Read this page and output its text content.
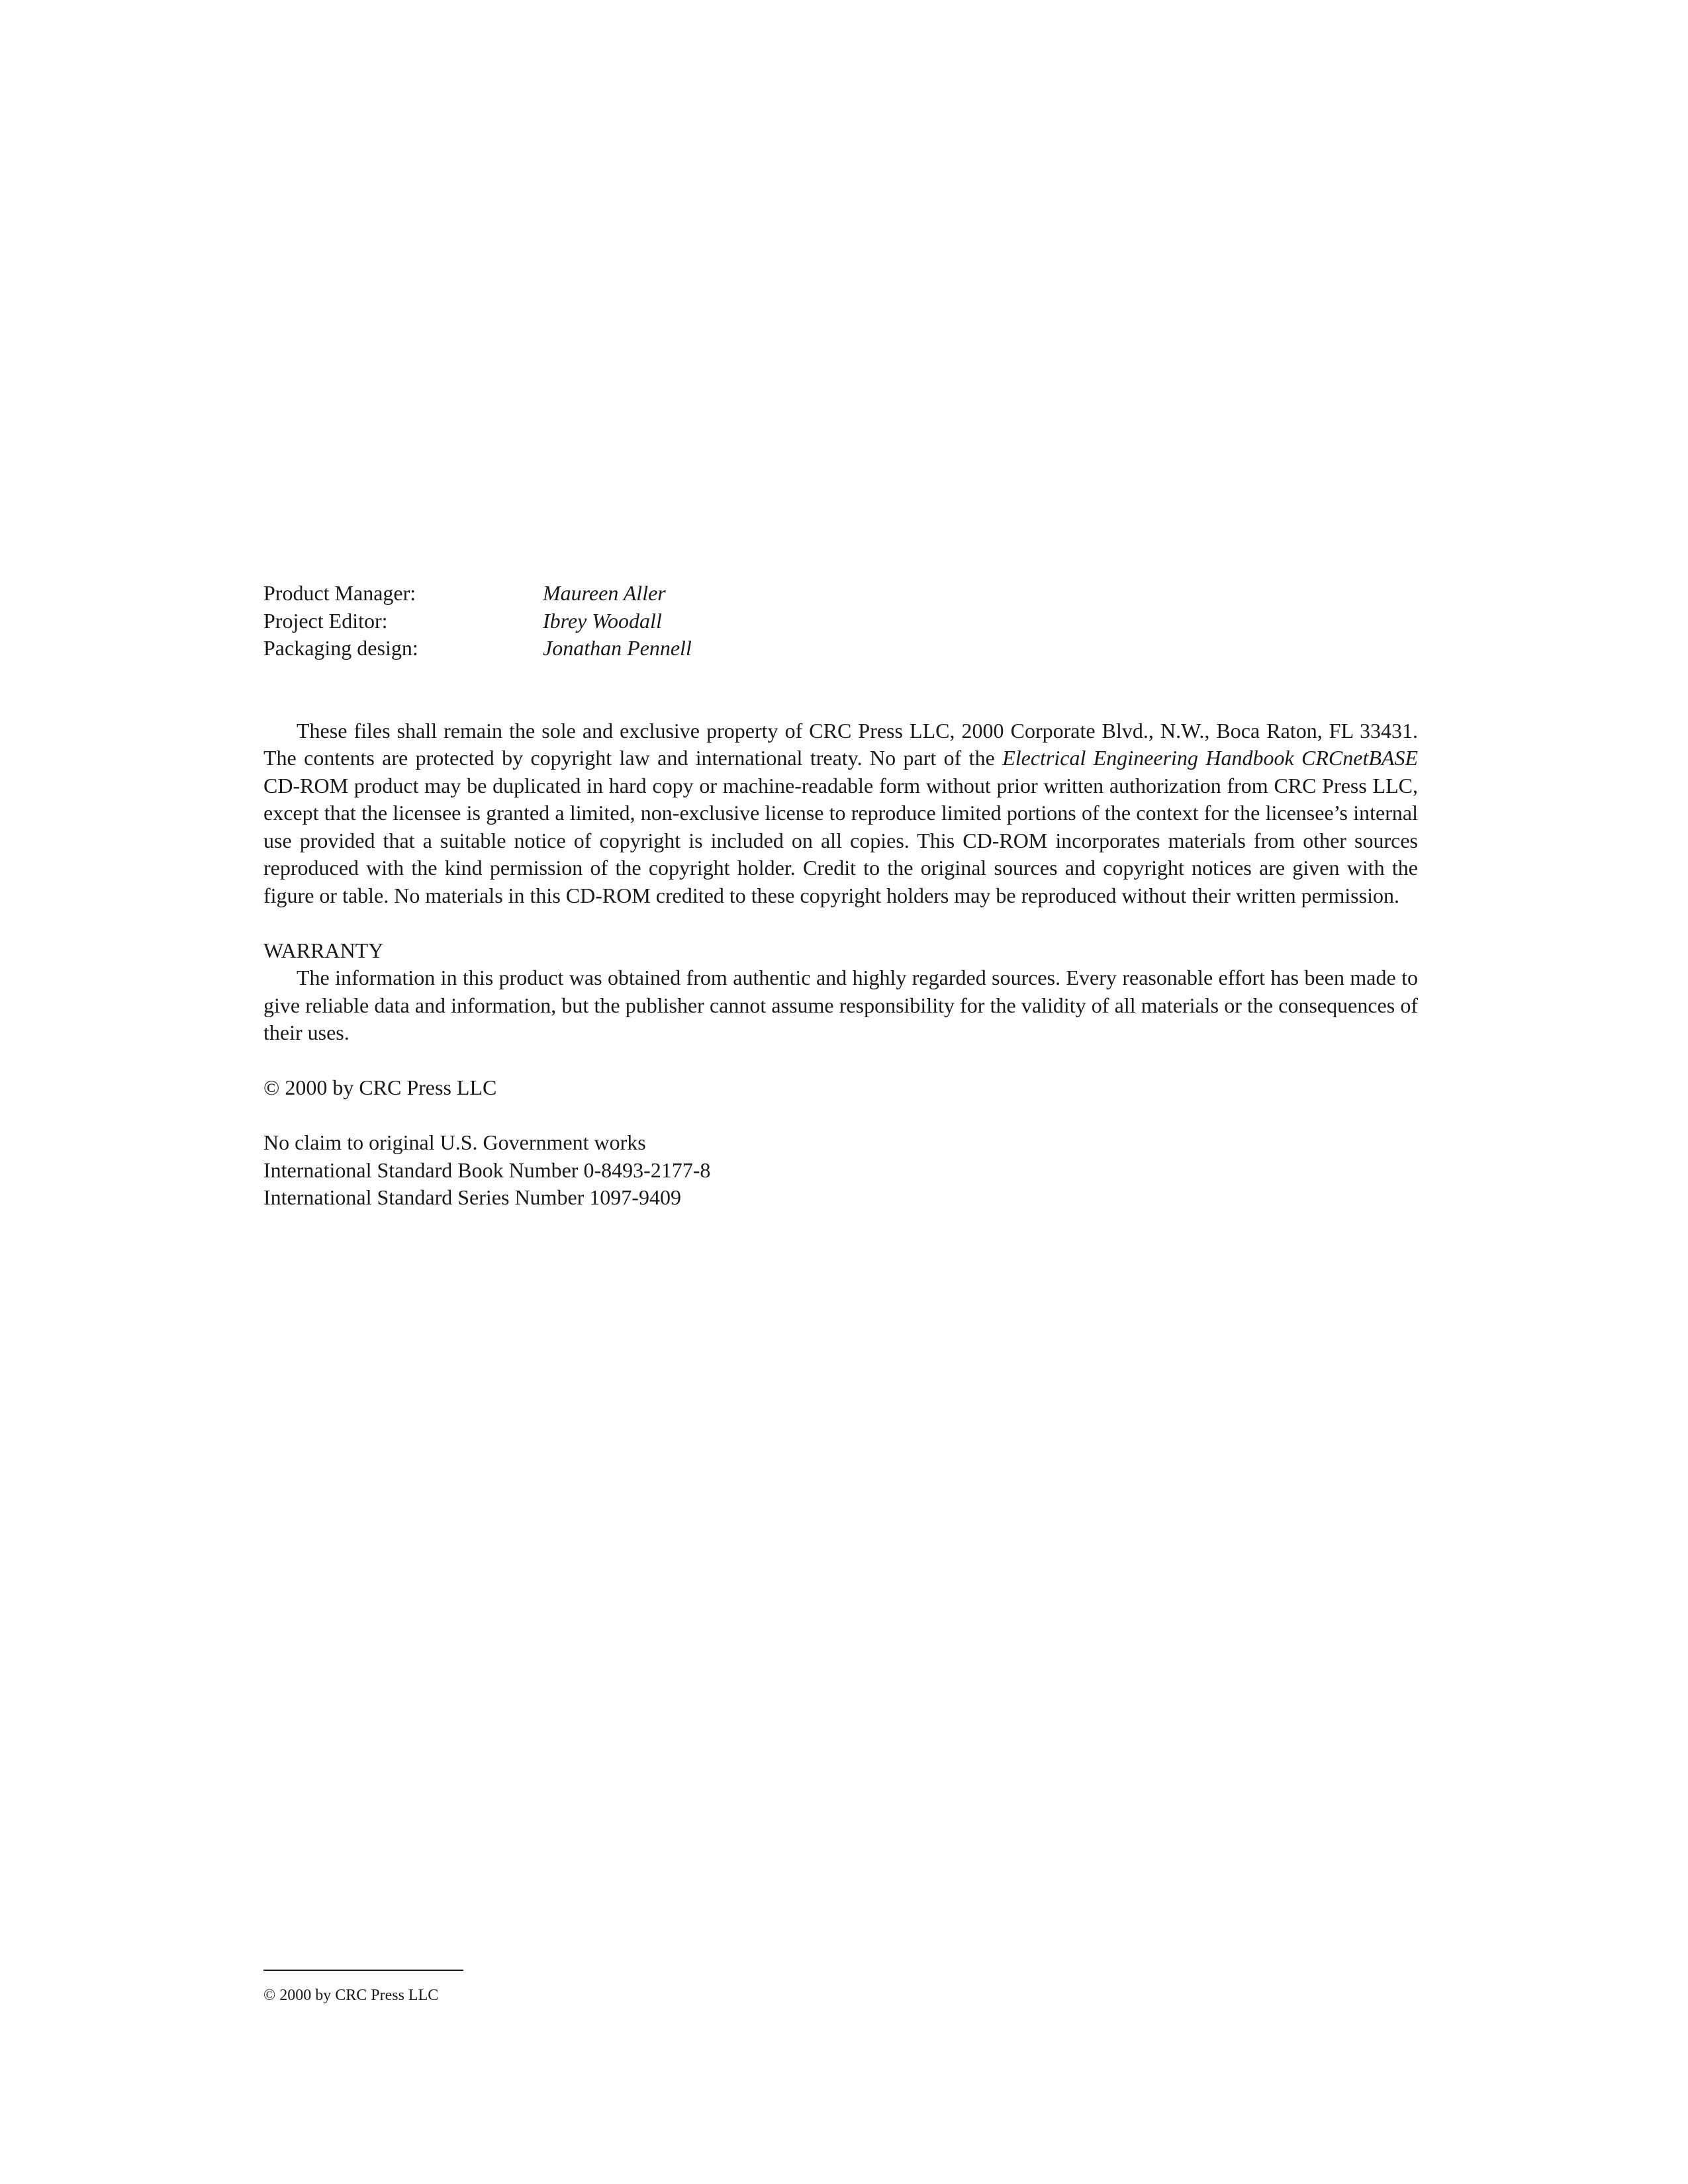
Product Manager:	Maureen Aller
Project Editor:	Ibrey Woodall
Packaging design:	Jonathan Pennell

These files shall remain the sole and exclusive property of CRC Press LLC, 2000 Corporate Blvd., N.W., Boca Raton, FL 33431. The contents are protected by copyright law and international treaty. No part of the Electrical Engineering Handbook CRCnetBASE CD-ROM product may be duplicated in hard copy or machine-readable form without prior written authorization from CRC Press LLC, except that the licensee is granted a limited, non-exclusive license to reproduce limited portions of the context for the licensee’s internal use provided that a suitable notice of copyright is included on all copies. This CD-ROM incorporates materials from other sources reproduced with the kind permission of the copyright holder. Credit to the original sources and copyright notices are given with the figure or table. No materials in this CD-ROM credited to these copyright holders may be reproduced without their written permission.

WARRANTY

The information in this product was obtained from authentic and highly regarded sources. Every reasonable effort has been made to give reliable data and information, but the publisher cannot assume responsibility for the validity of all materials or the consequences of their uses.

© 2000 by CRC Press LLC

No claim to original U.S. Government works

International Standard Book Number 0-8493-2177-8

International Standard Series Number 1097-9409

© 2000 by CRC Press LLC
